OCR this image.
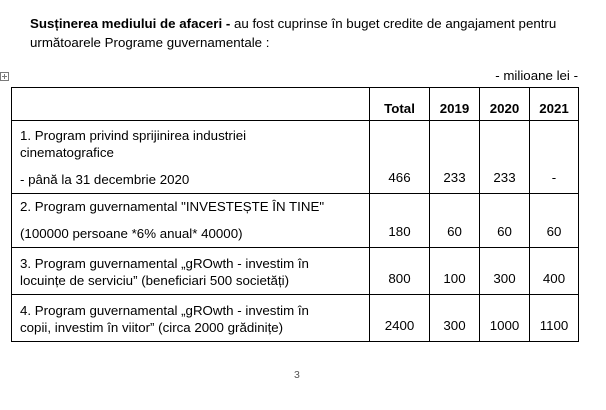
Susținerea mediului de afaceri - au fost cuprinse în buget credite de angajament pentru următoarele Programe guvernamentale :
- milioane lei -
	Total	2019	2020	2021

1. Program privind sprijinirea industriei

cinematografice

- până la 31 decembrie 2020	466	233	233	-

2. Program guvernamental "INVESTEȘTE ÎN TINE"

(100000 persoane *6% anual* 40000)	180	60	60	60

3. Program guvernamental „gROwth - investim în

locuințe de serviciu” (beneficiari 500 societăți)	800	100	300	400

4. Program guvernamental „gROwth - investim în

copii, investim în viitor” (circa 2000 grădinițe)	2400	300	1000	1100
3
